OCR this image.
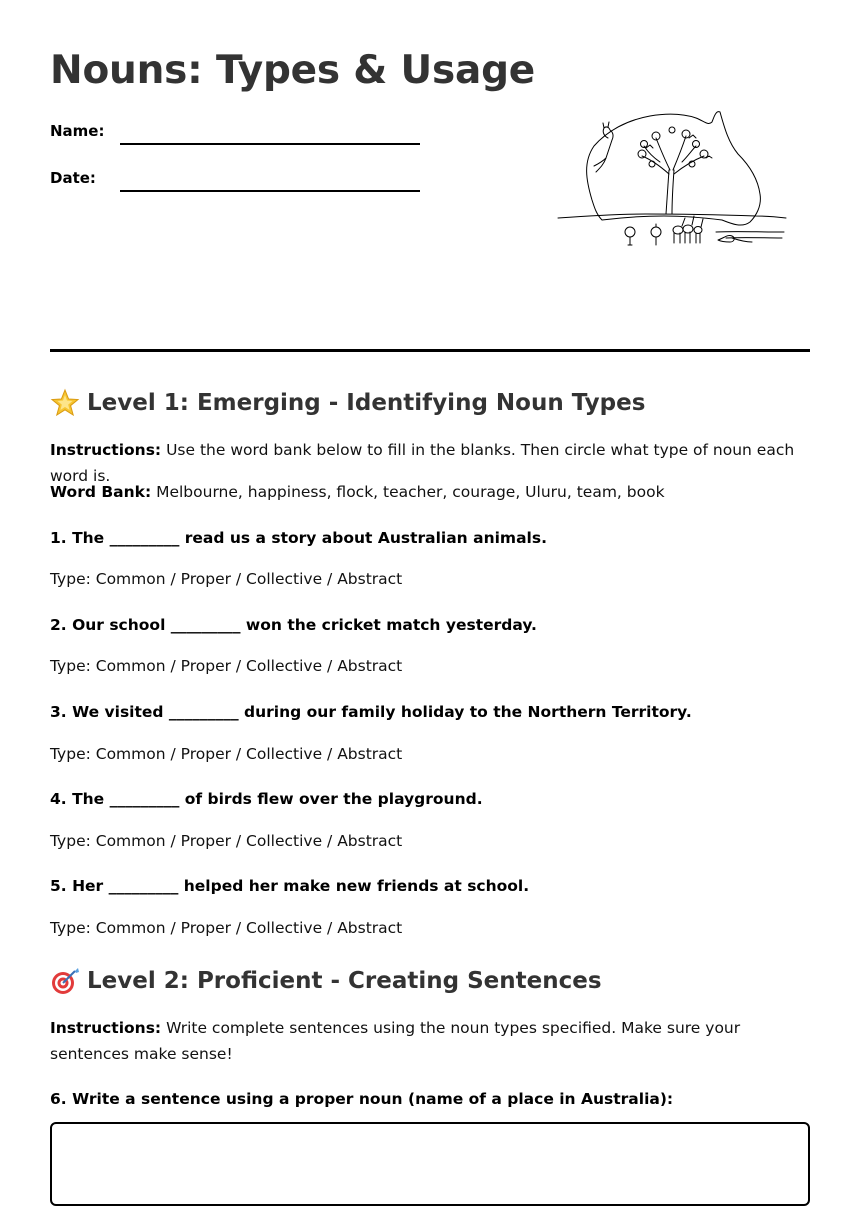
Nouns: Types & Usage
Name:
Date:
Level 1: Emerging - Identifying Noun Types

Instructions: Use the word bank below to fill in the blanks. Then circle what type of noun each word is.

Word Bank: Melbourne, happiness, flock, teacher, courage, Uluru, team, book

1. The _________ read us a story about Australian animals.

Type: Common / Proper / Collective / Abstract

2. Our school _________ won the cricket match yesterday.

Type: Common / Proper / Collective / Abstract

3. We visited _________ during our family holiday to the Northern Territory.

Type: Common / Proper / Collective / Abstract

4. The _________ of birds flew over the playground.

Type: Common / Proper / Collective / Abstract

5. Her _________ helped her make new friends at school.

Type: Common / Proper / Collective / Abstract

Level 2: Proficient - Creating Sentences

Instructions: Write complete sentences using the noun types specified. Make sure your sentences make sense!

6. Write a sentence using a proper noun (name of a place in Australia):
